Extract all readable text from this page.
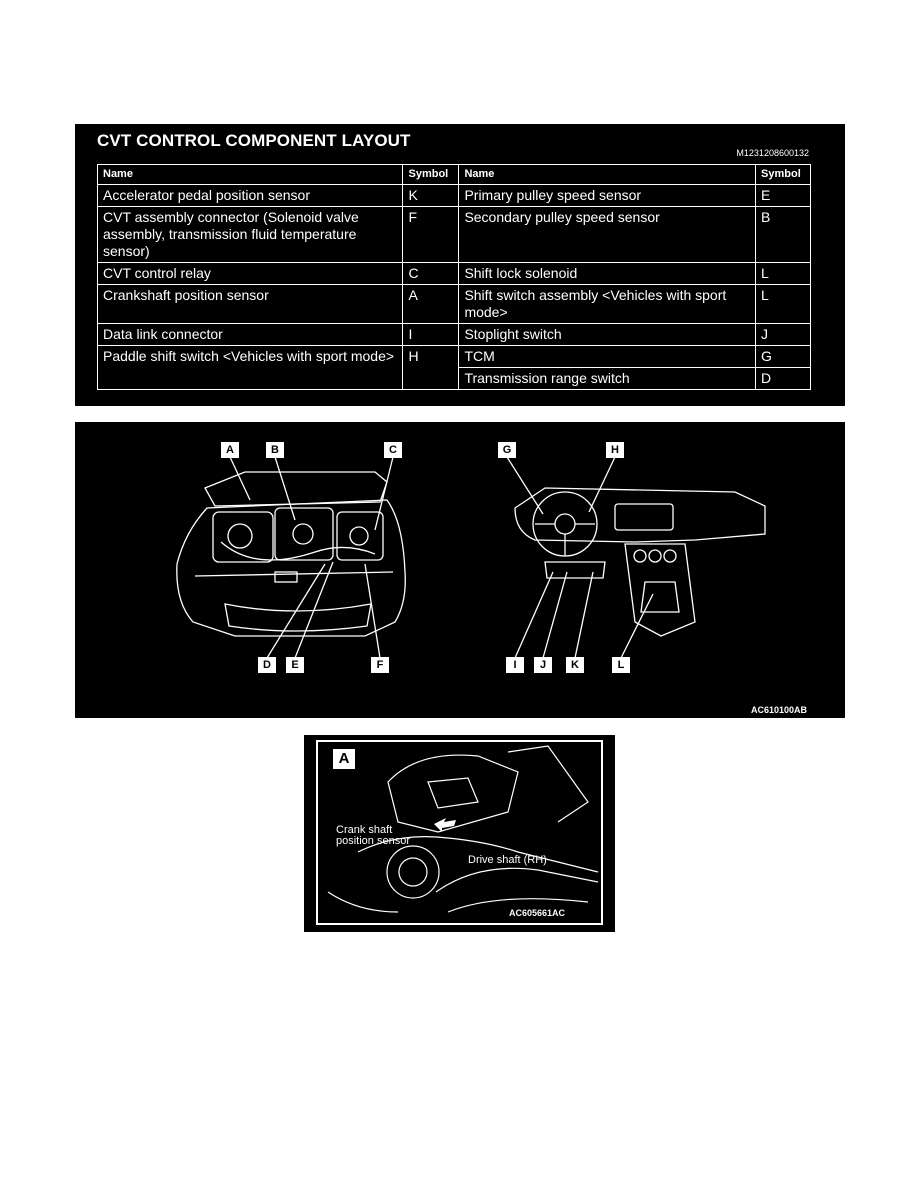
CVT CONTROL COMPONENT LAYOUT
M1231208600132
Name	Symbol	Name	Symbol
Accelerator pedal position sensor	K	Primary pulley speed sensor	E
CVT assembly connector (Solenoid valve assembly, transmission fluid temperature sensor)	F	Secondary pulley speed sensor	B
CVT control relay	C	Shift lock solenoid	L
Crankshaft position sensor	A	Shift switch assembly <Vehicles with sport mode>	L
Data link connector	I	Stoplight switch	J
Paddle shift switch <Vehicles with sport mode>	H	TCM	G
		Transmission range switch	D
A	B	C
D	E	F
G	H
I	J	K	L
AC610100AB
A
Crank shaft
position sensor
Drive shaft (RH)
AC605661AC
